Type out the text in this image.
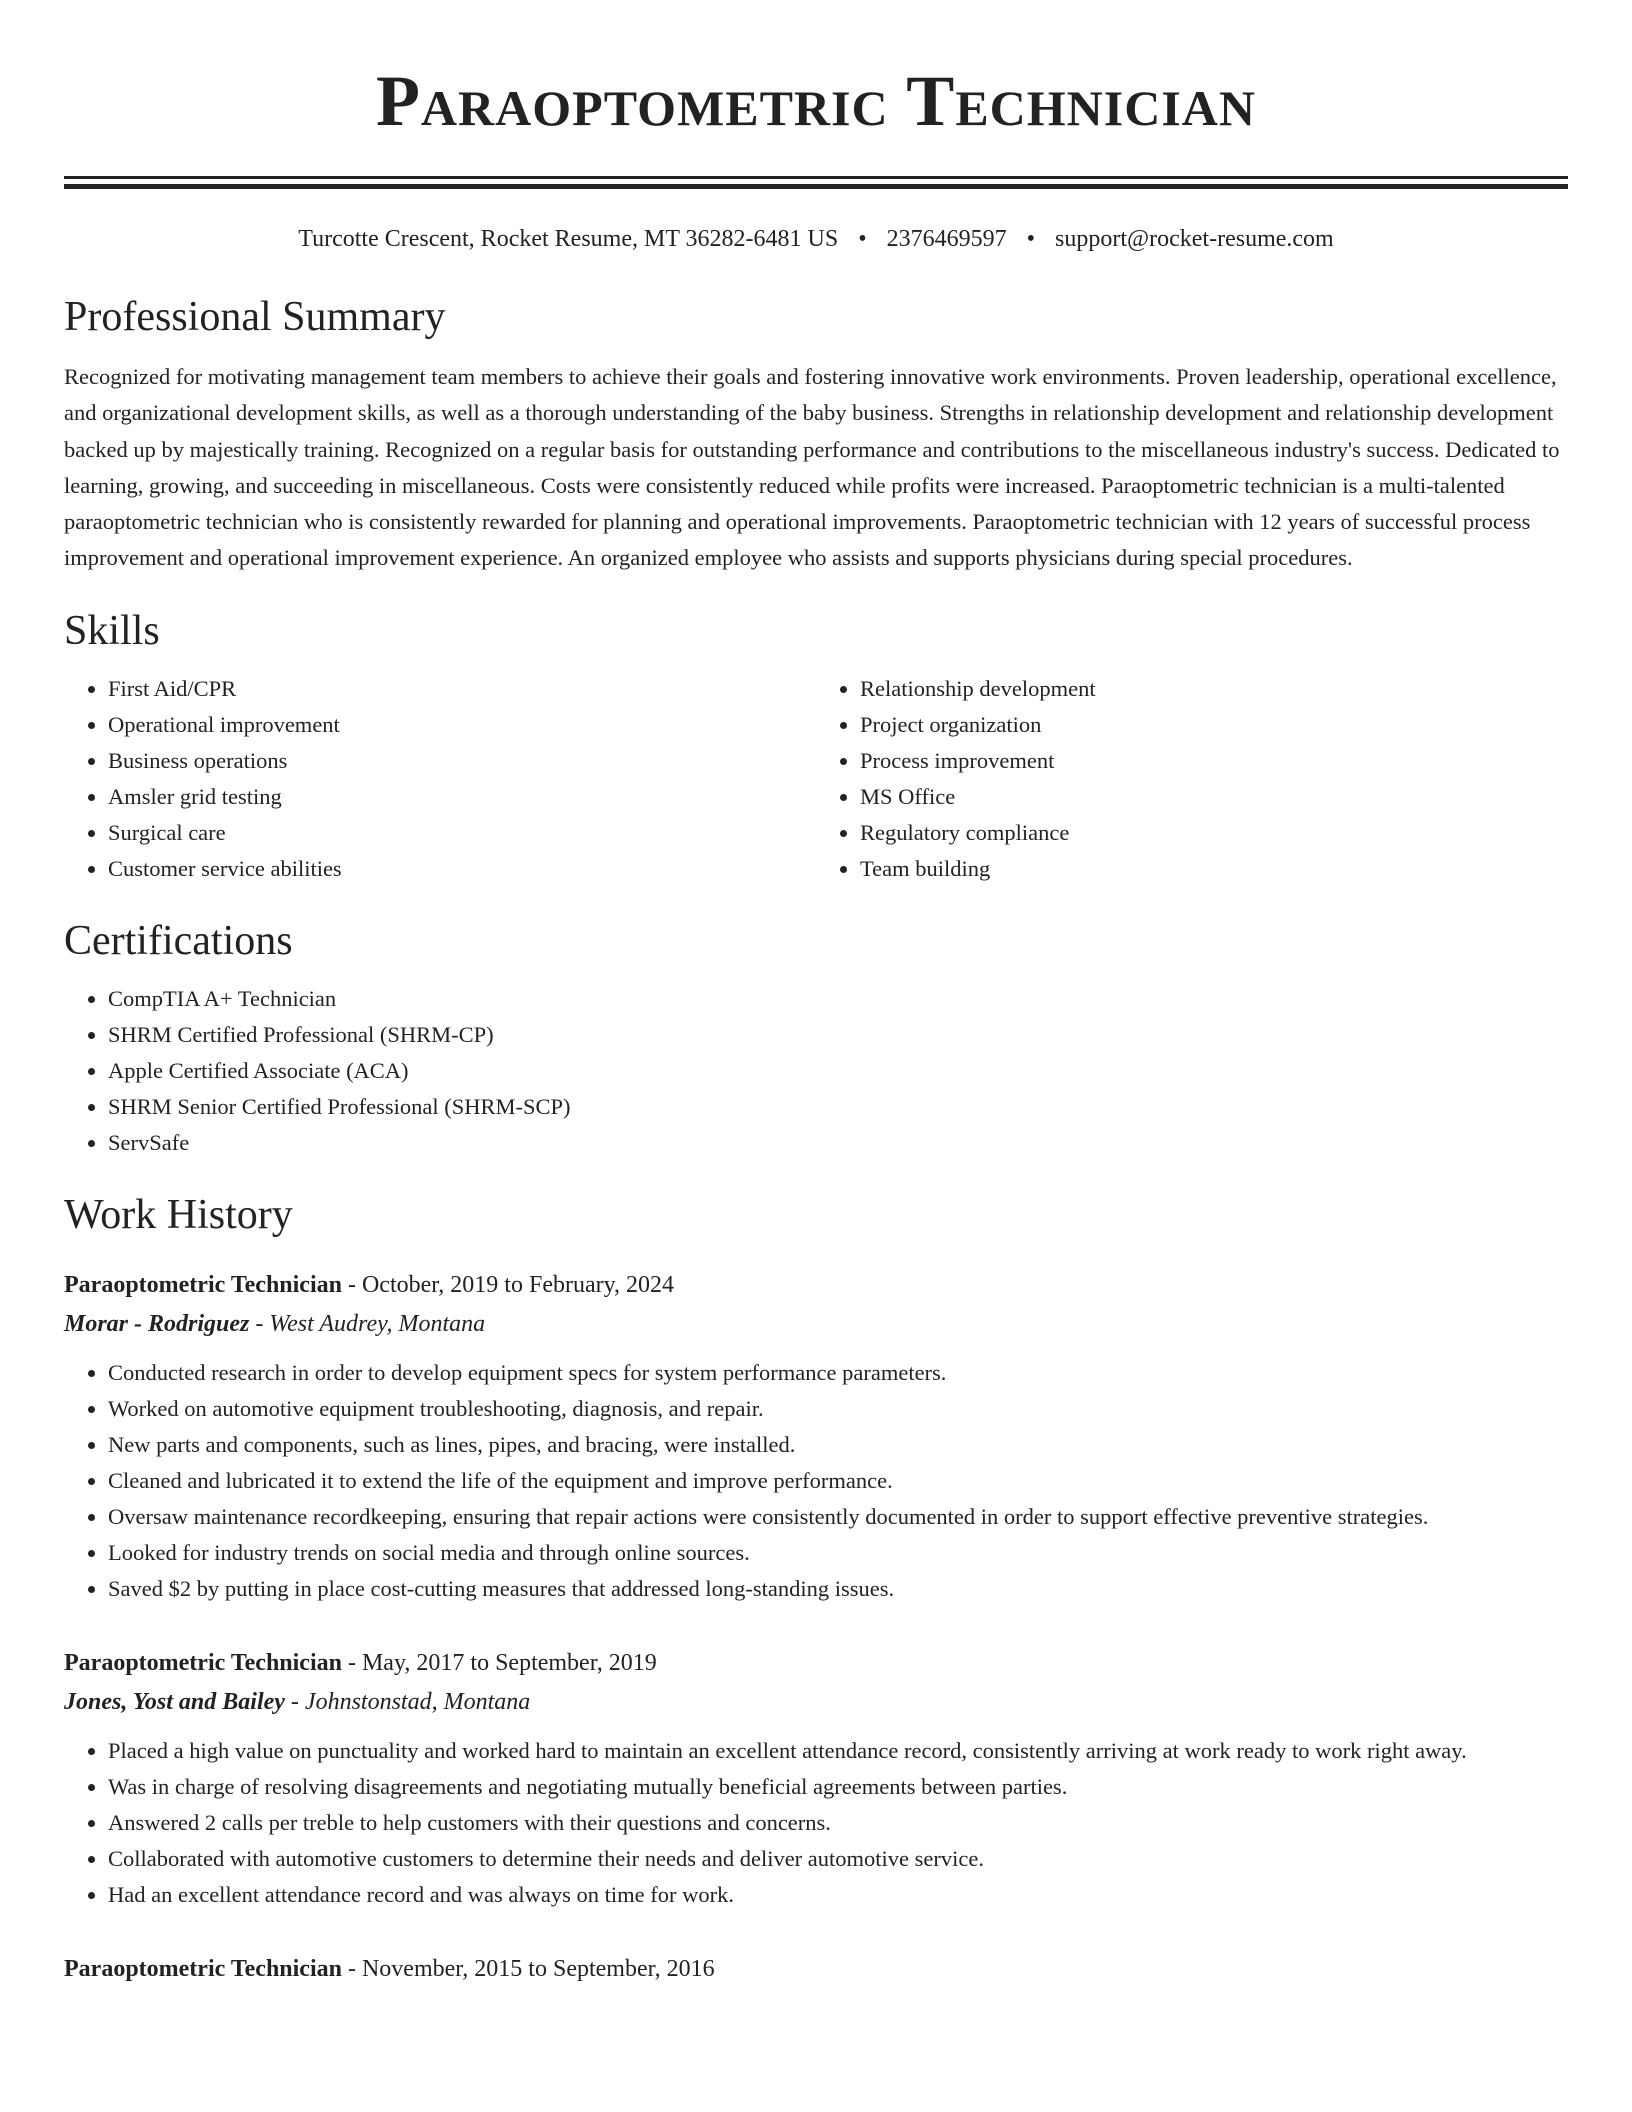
Paraoptometric Technician
Turcotte Crescent, Rocket Resume, MT 36282-6481 US • 2376469597 • support@rocket-resume.com
Professional Summary

Recognized for motivating management team members to achieve their goals and fostering innovative work environments. Proven leadership, operational excellence, and organizational development skills, as well as a thorough understanding of the baby business. Strengths in relationship development and relationship development backed up by majestically training. Recognized on a regular basis for outstanding performance and contributions to the miscellaneous industry's success. Dedicated to learning, growing, and succeeding in miscellaneous. Costs were consistently reduced while profits were increased. Paraoptometric technician is a multi-talented paraoptometric technician who is consistently rewarded for planning and operational improvements. Paraoptometric technician with 12 years of successful process improvement and operational improvement experience. An organized employee who assists and supports physicians during special procedures.

Skills
• First Aid/CPR
• Operational improvement
• Business operations
• Amsler grid testing
• Surgical care
• Customer service abilities
• Relationship development
• Project organization
• Process improvement
• MS Office
• Regulatory compliance
• Team building
Certifications
• CompTIA A+ Technician
• SHRM Certified Professional (SHRM-CP)
• Apple Certified Associate (ACA)
• SHRM Senior Certified Professional (SHRM-SCP)
• ServSafe
Work History
Paraoptometric Technician - October, 2019 to February, 2024
Morar - Rodriguez - West Audrey, Montana
• Conducted research in order to develop equipment specs for system performance parameters.
• Worked on automotive equipment troubleshooting, diagnosis, and repair.
• New parts and components, such as lines, pipes, and bracing, were installed.
• Cleaned and lubricated it to extend the life of the equipment and improve performance.
• Oversaw maintenance recordkeeping, ensuring that repair actions were consistently documented in order to support effective preventive strategies.
• Looked for industry trends on social media and through online sources.
• Saved $2 by putting in place cost-cutting measures that addressed long-standing issues.
Paraoptometric Technician - May, 2017 to September, 2019
Jones, Yost and Bailey - Johnstonstad, Montana
• Placed a high value on punctuality and worked hard to maintain an excellent attendance record, consistently arriving at work ready to work right away.
• Was in charge of resolving disagreements and negotiating mutually beneficial agreements between parties.
• Answered 2 calls per treble to help customers with their questions and concerns.
• Collaborated with automotive customers to determine their needs and deliver automotive service.
• Had an excellent attendance record and was always on time for work.
Paraoptometric Technician - November, 2015 to September, 2016
